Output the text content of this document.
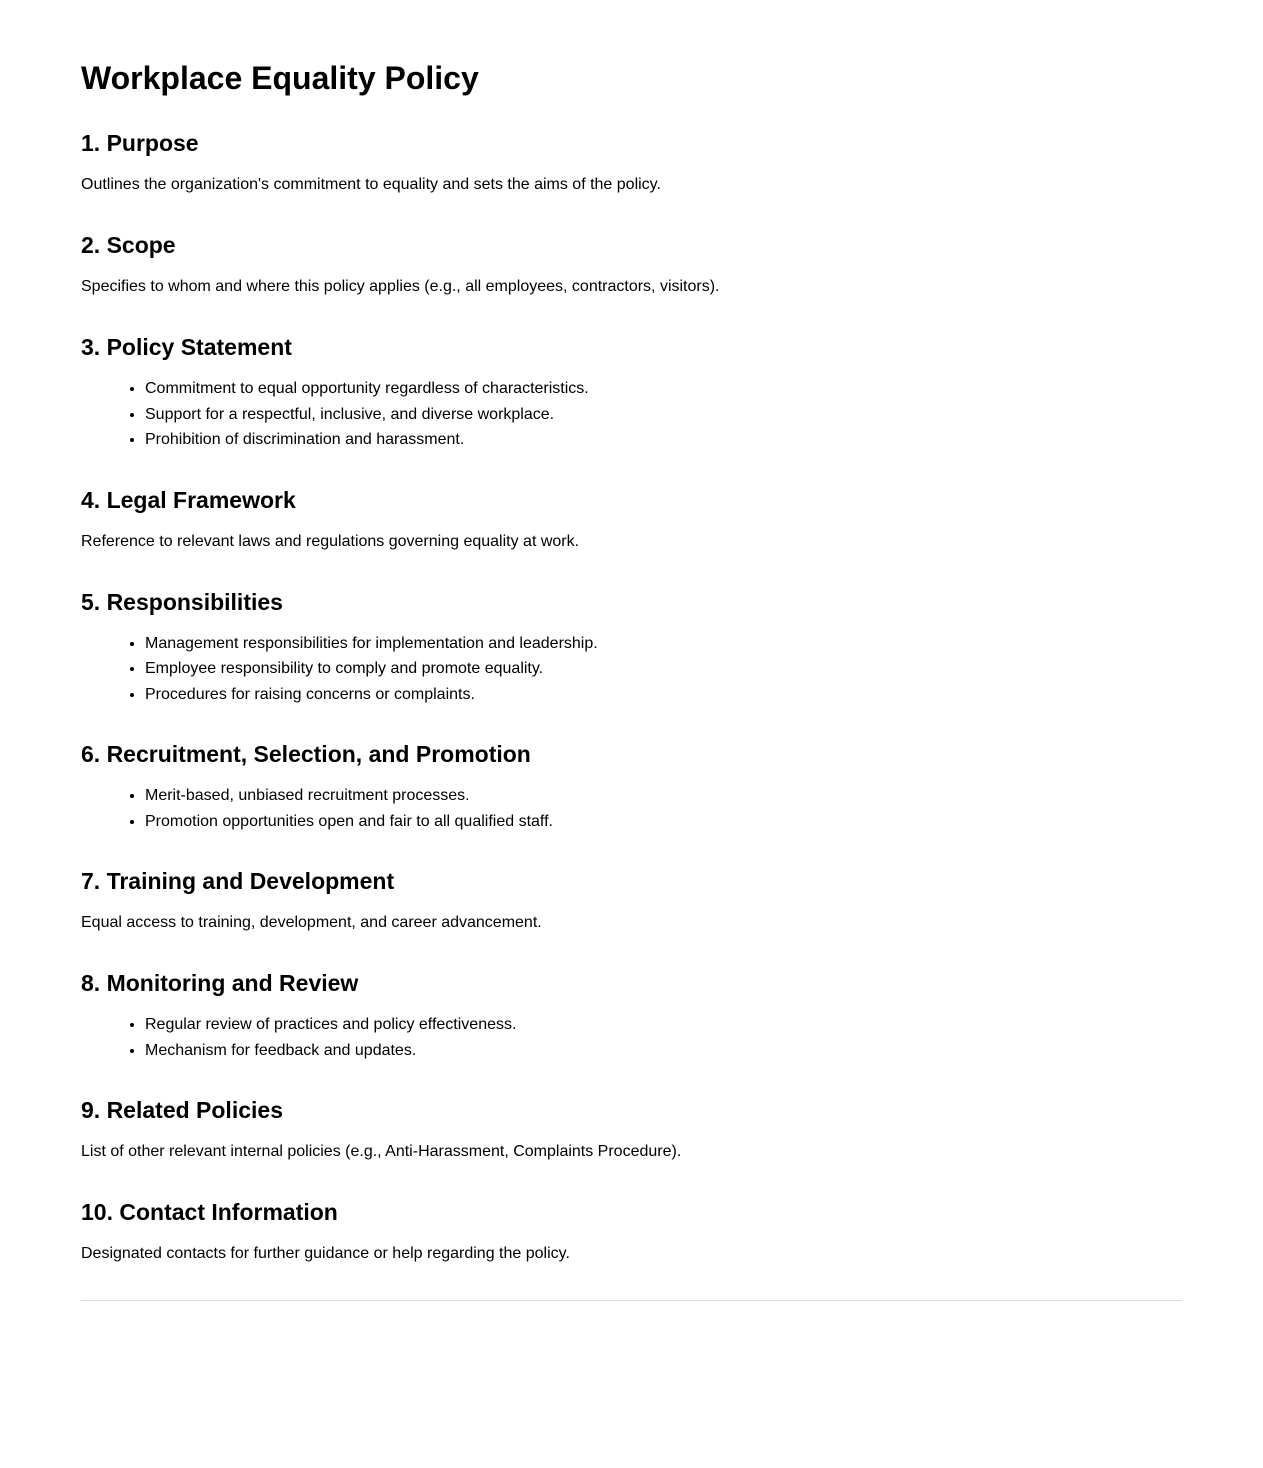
Workplace Equality Policy
1. Purpose

Outlines the organization's commitment to equality and sets the aims of the policy.

2. Scope

Specifies to whom and where this policy applies (e.g., all employees, contractors, visitors).

3. Policy Statement
• Commitment to equal opportunity regardless of characteristics.
• Support for a respectful, inclusive, and diverse workplace.
• Prohibition of discrimination and harassment.
4. Legal Framework

Reference to relevant laws and regulations governing equality at work.

5. Responsibilities
• Management responsibilities for implementation and leadership.
• Employee responsibility to comply and promote equality.
• Procedures for raising concerns or complaints.
6. Recruitment, Selection, and Promotion
• Merit-based, unbiased recruitment processes.
• Promotion opportunities open and fair to all qualified staff.
7. Training and Development

Equal access to training, development, and career advancement.

8. Monitoring and Review
• Regular review of practices and policy effectiveness.
• Mechanism for feedback and updates.
9. Related Policies

List of other relevant internal policies (e.g., Anti-Harassment, Complaints Procedure).

10. Contact Information

Designated contacts for further guidance or help regarding the policy.
